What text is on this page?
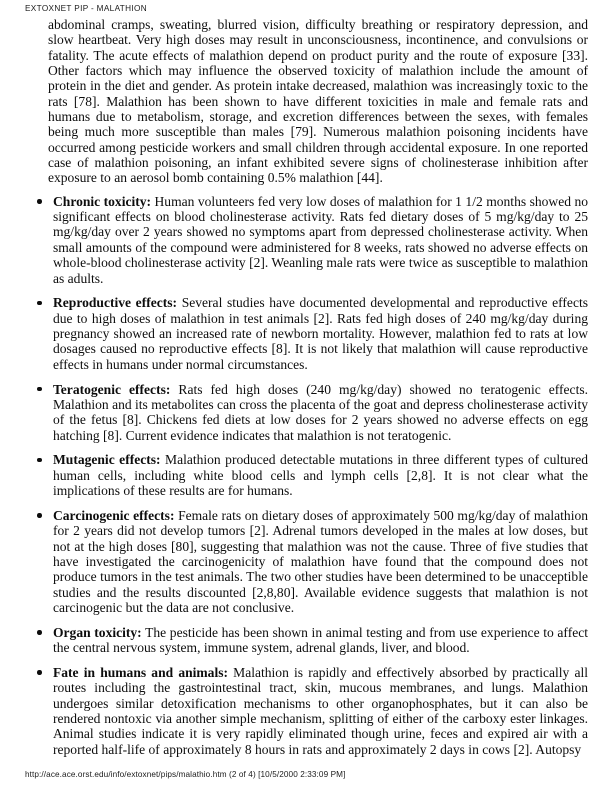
EXTOXNET PIP - MALATHION

abdominal cramps, sweating, blurred vision, difficulty breathing or respiratory depression, and slow heartbeat. Very high doses may result in unconsciousness, incontinence, and convulsions or fatality. The acute effects of malathion depend on product purity and the route of exposure [33]. Other factors which may influence the observed toxicity of malathion include the amount of protein in the diet and gender. As protein intake decreased, malathion was increasingly toxic to the rats [78]. Malathion has been shown to have different toxicities in male and female rats and humans due to metabolism, storage, and excretion differences between the sexes, with females being much more susceptible than males [79]. Numerous malathion poisoning incidents have occurred among pesticide workers and small children through accidental exposure. In one reported case of malathion poisoning, an infant exhibited severe signs of cholinesterase inhibition after exposure to an aerosol bomb containing 0.5% malathion [44].

Chronic toxicity: Human volunteers fed very low doses of malathion for 1 1/2 months showed no significant effects on blood cholinesterase activity. Rats fed dietary doses of 5 mg/kg/day to 25 mg/kg/day over 2 years showed no symptoms apart from depressed cholinesterase activity. When small amounts of the compound were administered for 8 weeks, rats showed no adverse effects on whole-blood cholinesterase activity [2]. Weanling male rats were twice as susceptible to malathion as adults.
Reproductive effects: Several studies have documented developmental and reproductive effects due to high doses of malathion in test animals [2]. Rats fed high doses of 240 mg/kg/day during pregnancy showed an increased rate of newborn mortality. However, malathion fed to rats at low dosages caused no reproductive effects [8]. It is not likely that malathion will cause reproductive effects in humans under normal circumstances.
Teratogenic effects: Rats fed high doses (240 mg/kg/day) showed no teratogenic effects. Malathion and its metabolites can cross the placenta of the goat and depress cholinesterase activity of the fetus [8]. Chickens fed diets at low doses for 2 years showed no adverse effects on egg hatching [8]. Current evidence indicates that malathion is not teratogenic.
Mutagenic effects: Malathion produced detectable mutations in three different types of cultured human cells, including white blood cells and lymph cells [2,8]. It is not clear what the implications of these results are for humans.
Carcinogenic effects: Female rats on dietary doses of approximately 500 mg/kg/day of malathion for 2 years did not develop tumors [2]. Adrenal tumors developed in the males at low doses, but not at the high doses [80], suggesting that malathion was not the cause. Three of five studies that have investigated the carcinogenicity of malathion have found that the compound does not produce tumors in the test animals. The two other studies have been determined to be unacceptible studies and the results discounted [2,8,80]. Available evidence suggests that malathion is not carcinogenic but the data are not conclusive.
Organ toxicity: The pesticide has been shown in animal testing and from use experience to affect the central nervous system, immune system, adrenal glands, liver, and blood.
Fate in humans and animals: Malathion is rapidly and effectively absorbed by practically all routes including the gastrointestinal tract, skin, mucous membranes, and lungs. Malathion undergoes similar detoxification mechanisms to other organophosphates, but it can also be rendered nontoxic via another simple mechanism, splitting of either of the carboxy ester linkages. Animal studies indicate it is very rapidly eliminated though urine, feces and expired air with a reported half-life of approximately 8 hours in rats and approximately 2 days in cows [2]. Autopsy
http://ace.ace.orst.edu/info/extoxnet/pips/malathio.htm (2 of 4) [10/5/2000 2:33:09 PM]
